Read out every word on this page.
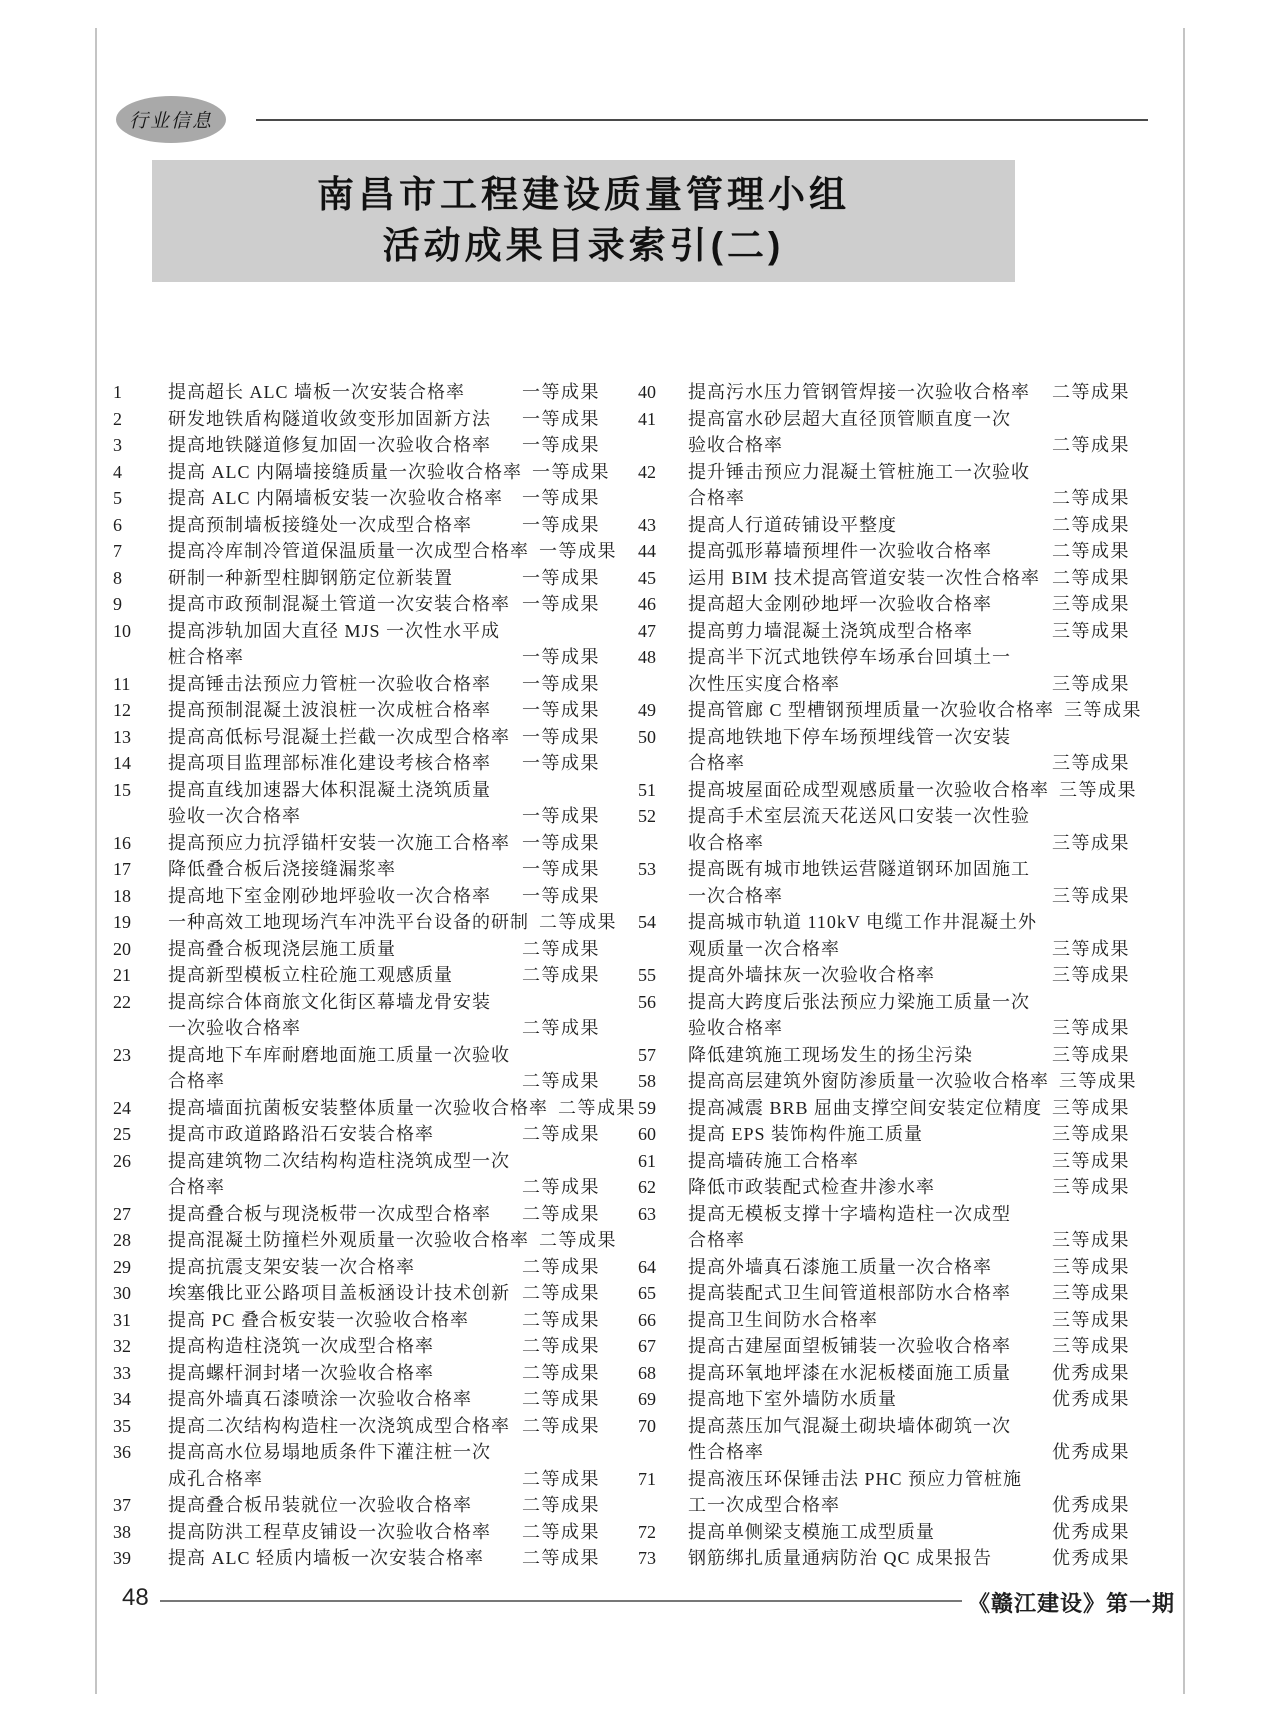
行业信息
南昌市工程建设质量管理小组
活动成果目录索引(二)
1	提高超长 ALC 墙板一次安装合格率	一等成果
2	研发地铁盾构隧道收敛变形加固新方法	一等成果
3	提高地铁隧道修复加固一次验收合格率	一等成果
4	提高 ALC 内隔墙接缝质量一次验收合格率 一等成果
5	提高 ALC 内隔墙板安装一次验收合格率	一等成果
6	提高预制墙板接缝处一次成型合格率	一等成果
7	提高冷库制冷管道保温质量一次成型合格率 一等成果
8	研制一种新型柱脚钢筋定位新装置	一等成果
9	提高市政预制混凝土管道一次安装合格率 一等成果
10	提高涉轨加固大直径 MJS 一次性水平成
桩合格率	一等成果
11	提高锤击法预应力管桩一次验收合格率	一等成果
12	提高预制混凝土波浪桩一次成桩合格率	一等成果
13	提高高低标号混凝土拦截一次成型合格率 一等成果
14	提高项目监理部标准化建设考核合格率	一等成果
15	提高直线加速器大体积混凝土浇筑质量
验收一次合格率	一等成果
16	提高预应力抗浮锚杆安装一次施工合格率 一等成果
17	降低叠合板后浇接缝漏浆率	一等成果
18	提高地下室金刚砂地坪验收一次合格率	一等成果
19	一种高效工地现场汽车冲洗平台设备的研制 二等成果
20	提高叠合板现浇层施工质量	二等成果
21	提高新型模板立柱砼施工观感质量	二等成果
22	提高综合体商旅文化街区幕墙龙骨安装
一次验收合格率	二等成果
23	提高地下车库耐磨地面施工质量一次验收
合格率	二等成果
24	提高墙面抗菌板安装整体质量一次验收合格率 二等成果
25	提高市政道路路沿石安装合格率	二等成果
26	提高建筑物二次结构构造柱浇筑成型一次
合格率	二等成果
27	提高叠合板与现浇板带一次成型合格率	二等成果
28	提高混凝土防撞栏外观质量一次验收合格率 二等成果
29	提高抗震支架安装一次合格率	二等成果
30	埃塞俄比亚公路项目盖板涵设计技术创新 二等成果
31	提高 PC 叠合板安装一次验收合格率	二等成果
32	提高构造柱浇筑一次成型合格率	二等成果
33	提高螺杆洞封堵一次验收合格率	二等成果
34	提高外墙真石漆喷涂一次验收合格率	二等成果
35	提高二次结构构造柱一次浇筑成型合格率 二等成果
36	提高高水位易塌地质条件下灌注桩一次
成孔合格率	二等成果
37	提高叠合板吊装就位一次验收合格率	二等成果
38	提高防洪工程草皮铺设一次验收合格率	二等成果
39	提高 ALC 轻质内墙板一次安装合格率	二等成果
40	提高污水压力管钢管焊接一次验收合格率	二等成果
41	提高富水砂层超大直径顶管顺直度一次
验收合格率	二等成果
42	提升锤击预应力混凝土管桩施工一次验收
合格率	二等成果
43	提高人行道砖铺设平整度	二等成果
44	提高弧形幕墙预埋件一次验收合格率	二等成果
45	运用 BIM 技术提高管道安装一次性合格率 二等成果
46	提高超大金刚砂地坪一次验收合格率	三等成果
47	提高剪力墙混凝土浇筑成型合格率	三等成果
48	提高半下沉式地铁停车场承台回填土一
次性压实度合格率	三等成果
49	提高管廊 C 型槽钢预埋质量一次验收合格率 三等成果
50	提高地铁地下停车场预埋线管一次安装
合格率	三等成果
51	提高坡屋面砼成型观感质量一次验收合格率 三等成果
52	提高手术室层流天花送风口安装一次性验
收合格率	三等成果
53	提高既有城市地铁运营隧道钢环加固施工
一次合格率	三等成果
54	提高城市轨道 110kV 电缆工作井混凝土外
观质量一次合格率	三等成果
55	提高外墙抹灰一次验收合格率	三等成果
56	提高大跨度后张法预应力梁施工质量一次
验收合格率	三等成果
57	降低建筑施工现场发生的扬尘污染	三等成果
58	提高高层建筑外窗防渗质量一次验收合格率 三等成果
59	提高减震 BRB 屈曲支撑空间安装定位精度 三等成果
60	提高 EPS 装饰构件施工质量	三等成果
61	提高墙砖施工合格率	三等成果
62	降低市政装配式检查井渗水率	三等成果
63	提高无模板支撑十字墙构造柱一次成型
合格率	三等成果
64	提高外墙真石漆施工质量一次合格率	三等成果
65	提高装配式卫生间管道根部防水合格率	三等成果
66	提高卫生间防水合格率	三等成果
67	提高古建屋面望板铺装一次验收合格率	三等成果
68	提高环氧地坪漆在水泥板楼面施工质量	优秀成果
69	提高地下室外墙防水质量	优秀成果
70	提高蒸压加气混凝土砌块墙体砌筑一次
性合格率	优秀成果
71	提高液压环保锤击法 PHC 预应力管桩施
工一次成型合格率	优秀成果
72	提高单侧梁支模施工成型质量	优秀成果
73	钢筋绑扎质量通病防治 QC 成果报告	优秀成果
48	《赣江建设》第一期
